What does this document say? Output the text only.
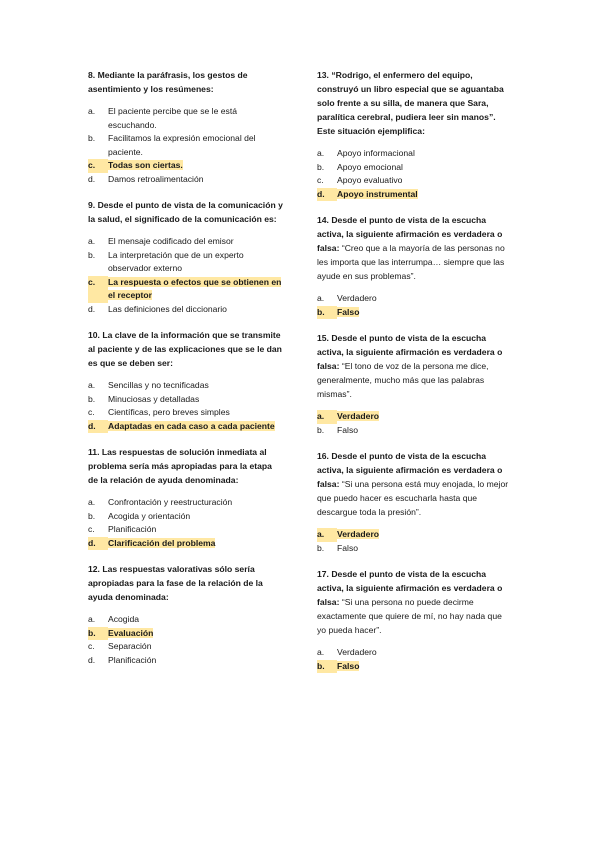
8. Mediante la paráfrasis, los gestos de asentimiento y los resúmenes:

a.	El paciente percibe que se le está escuchando.
b.	Facilitamos la expresión emocional del paciente.
c.	Todas son ciertas.
d.	Damos retroalimentación

9. Desde el punto de vista de la comunicación y la salud, el significado de la comunicación es:

a.	El mensaje codificado del emisor
b.	La interpretación que de un experto observador externo
c.	La respuesta o efectos que se obtienen en el receptor
d.	Las definiciones del diccionario

10. La clave de la información que se transmite al paciente y de las explicaciones que se le dan es que se deben ser:

a.	Sencillas y no tecnificadas
b.	Minuciosas y detalladas
c.	Científicas, pero breves simples
d.	Adaptadas en cada caso a cada paciente

11. Las respuestas de solución inmediata al problema sería más apropiadas para la etapa de la relación de ayuda denominada:

a.	Confrontación y reestructuración
b.	Acogida y orientación
c.	Planificación
d.	Clarificación del problema

12. Las respuestas valorativas sólo sería apropiadas para la fase de la relación de la ayuda denominada:

a.	Acogida
b.	Evaluación
c.	Separación
d.	Planificación

13. “Rodrigo, el enfermero del equipo, construyó un libro especial que se aguantaba solo frente a su silla, de manera que Sara, paralítica cerebral, pudiera leer sin manos”. Este situación ejemplifica:

a.	Apoyo informacional
b.	Apoyo emocional
c.	Apoyo evaluativo
d.	Apoyo instrumental

14. Desde el punto de vista de la escucha activa, la siguiente afirmación es verdadera o falsa: “Creo que a la mayoría de las personas no les importa que las interrumpa… siempre que las ayude en sus problemas”.

a.	Verdadero
b.	Falso

15. Desde el punto de vista de la escucha activa, la siguiente afirmación es verdadera o falsa: “El tono de voz de la persona me dice, generalmente, mucho más que las palabras mismas”.

a.	Verdadero
b.	Falso

16. Desde el punto de vista de la escucha activa, la siguiente afirmación es verdadera o falsa: “Si una persona está muy enojada, lo mejor que puedo hacer es escucharla hasta que descargue toda la presión”.

a.	Verdadero
b.	Falso

17. Desde el punto de vista de la escucha activa, la siguiente afirmación es verdadera o falsa: “Si una persona no puede decirme exactamente que quiere de mí, no hay nada que yo pueda hacer”.

a.	Verdadero
b.	Falso
